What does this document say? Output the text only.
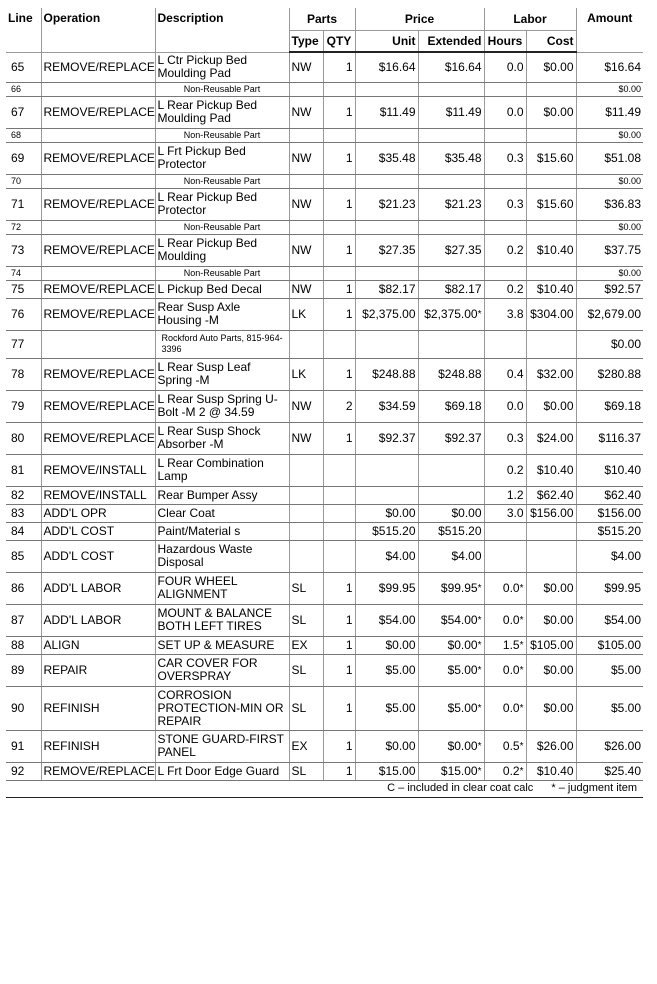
Line	Operation	Description	Parts		Price		Labor		Amount
			Type	QTY	Unit	Extended	Hours	Cost	
65	REMOVE/REPLACE	L Ctr Pickup Bed Moulding Pad	NW	1	$16.64	$16.64	0.0	$0.00	$16.64
66		Non-Reusable Part							$0.00
67	REMOVE/REPLACE	L Rear Pickup Bed Moulding Pad	NW	1	$11.49	$11.49	0.0	$0.00	$11.49
68		Non-Reusable Part							$0.00
69	REMOVE/REPLACE	L Frt Pickup Bed Protector	NW	1	$35.48	$35.48	0.3	$15.60	$51.08
70		Non-Reusable Part							$0.00
71	REMOVE/REPLACE	L Rear Pickup Bed Protector	NW	1	$21.23	$21.23	0.3	$15.60	$36.83
72		Non-Reusable Part							$0.00
73	REMOVE/REPLACE	L Rear Pickup Bed Moulding	NW	1	$27.35	$27.35	0.2	$10.40	$37.75
74		Non-Reusable Part							$0.00
75	REMOVE/REPLACE	L Pickup Bed Decal	NW	1	$82.17	$82.17	0.2	$10.40	$92.57
76	REMOVE/REPLACE	Rear Susp Axle Housing -M	LK	1	$2,375.00	$2,375.00*	3.8	$304.00	$2,679.00
77		Rockford Auto Parts, 815-964-3396							$0.00
78	REMOVE/REPLACE	L Rear Susp Leaf Spring -M	LK	1	$248.88	$248.88	0.4	$32.00	$280.88
79	REMOVE/REPLACE	L Rear Susp Spring U-Bolt -M 2 @ 34.59	NW	2	$34.59	$69.18	0.0	$0.00	$69.18
80	REMOVE/REPLACE	L Rear Susp Shock Absorber -M	NW	1	$92.37	$92.37	0.3	$24.00	$116.37
81	REMOVE/INSTALL	L Rear Combination Lamp					0.2	$10.40	$10.40
82	REMOVE/INSTALL	Rear Bumper Assy					1.2	$62.40	$62.40
83	ADD'L OPR	Clear Coat			$0.00	$0.00	3.0	$156.00	$156.00
84	ADD'L COST	Paint/Material s			$515.20	$515.20			$515.20
85	ADD'L COST	Hazardous Waste Disposal			$4.00	$4.00			$4.00
86	ADD'L LABOR	FOUR WHEEL ALIGNMENT	SL	1	$99.95	$99.95*	0.0*	$0.00	$99.95
87	ADD'L LABOR	MOUNT & BALANCE BOTH LEFT TIRES	SL	1	$54.00	$54.00*	0.0*	$0.00	$54.00
88	ALIGN	SET UP & MEASURE	EX	1	$0.00	$0.00*	1.5*	$105.00	$105.00
89	REPAIR	CAR COVER FOR OVERSPRAY	SL	1	$5.00	$5.00*	0.0*	$0.00	$5.00
90	REFINISH	CORROSION PROTECTION-MIN OR REPAIR	SL	1	$5.00	$5.00*	0.0*	$0.00	$5.00
91	REFINISH	STONE GUARD-FIRST PANEL	EX	1	$0.00	$0.00*	0.5*	$26.00	$26.00
92	REMOVE/REPLACE	L Frt Door Edge Guard	SL	1	$15.00	$15.00*	0.2*	$10.40	$25.40
C – included in clear coat calc * – judgment item									
